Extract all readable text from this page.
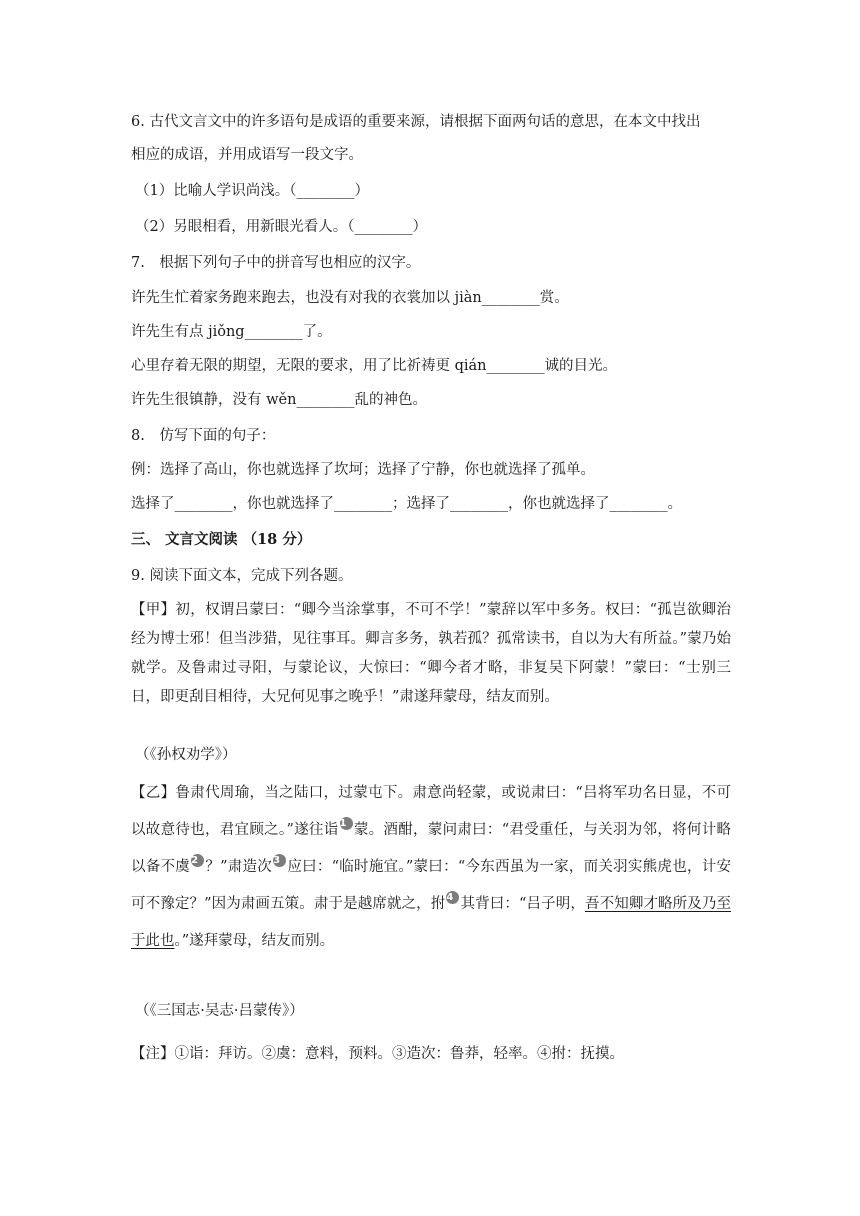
6. 古代文言文中的许多语句是成语的重要来源，请根据下面两句话的意思，在本文中找出
相应的成语，并用成语写一段文字。
（1）比喻人学识尚浅。（________）
（2）另眼相看，用新眼光看人。（________）
7.　根据下列句子中的拼音写也相应的汉字。
许先生忙着家务跑来跑去，也没有对我的衣裳加以 jiàn________赏。
许先生有点 jiǒng________了。
心里存着无限的期望，无限的要求，用了比祈祷更 qián________诚的目光。
许先生很镇静，没有 wěn________乱的神色。
8.　仿写下面的句子：
例：选择了高山，你也就选择了坎坷；选择了宁静，你也就选择了孤单。
选择了________，你也就选择了________；选择了________，你也就选择了________。
三、 文言文阅读 （18 分）
9. 阅读下面文本，完成下列各题。
【甲】初，权谓吕蒙曰：“卿今当涂掌事，不可不学！”蒙辞以军中多务。权曰：“孤岂欲卿治经为博士邪！但当涉猎，见往事耳。卿言多务，孰若孤？孤常读书，自以为大有所益。”蒙乃始就学。及鲁肃过寻阳，与蒙论议，大惊曰：“卿今者才略，非复吴下阿蒙！”蒙曰：“士别三日，即更刮目相待，大兄何见事之晚乎！”肃遂拜蒙母，结友而别。
（《孙权劝学》）
【乙】鲁肃代周瑜，当之陆口，过蒙屯下。肃意尚轻蒙，或说肃曰：“吕将军功名日显，不可以故意待也，君宜顾之。”遂往诣1 蒙。酒酣，蒙问肃曰：“君受重任，与关羽为邻，将何计略以备不虞2 ？”肃造次3 应曰：“临时施宜。”蒙曰：“今东西虽为一家，而关羽实熊虎也，计安可不豫定？”因为肃画五策。肃于是越席就之，拊4 其背曰：“吕子明，吾不知卿才略所及乃至于此也。”遂拜蒙母，结友而别。
（《三国志·吴志·吕蒙传》）
【注】①诣：拜访。②虞：意料，预料。③造次：鲁莽，轻率。④拊：抚摸。
